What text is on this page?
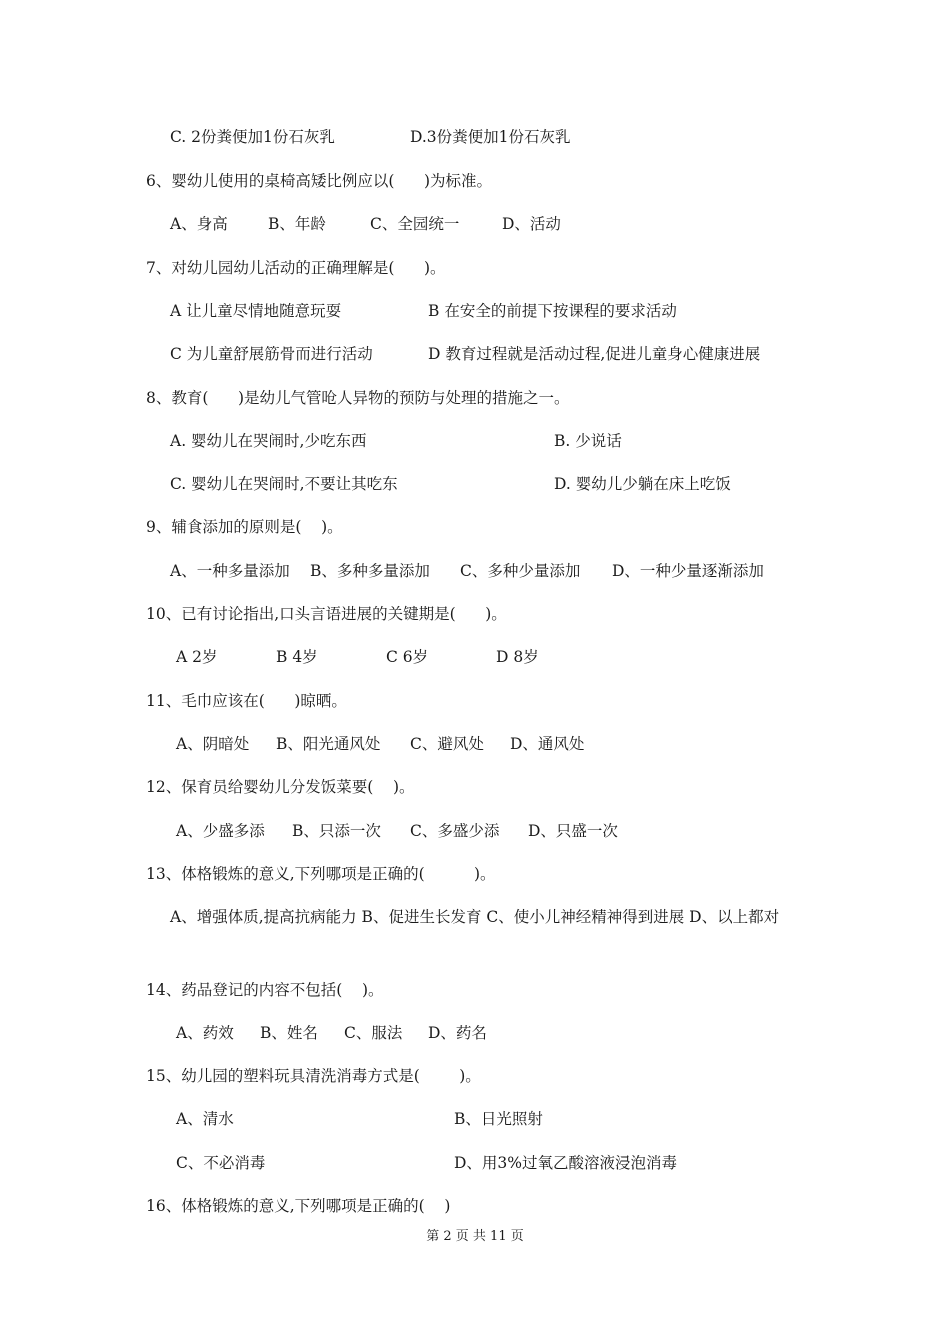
C. 2份粪便加1份石灰乳	D.3份粪便加1份石灰乳
6、婴幼儿使用的桌椅高矮比例应以(      )为标准。
A、身高	B、年龄	C、全园统一	D、活动
7、对幼儿园幼儿活动的正确理解是(      )。
A 让儿童尽情地随意玩耍	B 在安全的前提下按课程的要求活动
C 为儿童舒展筋骨而进行活动	D 教育过程就是活动过程,促进儿童身心健康进展
8、教育(      )是幼儿气管呛人异物的预防与处理的措施之一。
A. 婴幼儿在哭闹时,少吃东西	B. 少说话
C. 婴幼儿在哭闹时,不要让其吃东	D. 婴幼儿少躺在床上吃饭
9、辅食添加的原则是(    )。
A、一种多量添加 B、多种多量添加 C、多种少量添加 D、一种少量逐渐添加
10、已有讨论指出,口头言语进展的关键期是(      )。
A 2岁	B 4岁	C 6岁	D 8岁
11、毛巾应该在(      )晾晒。
A、阴暗处 B、阳光通风处 C、避风处 D、通风处
12、保育员给婴幼儿分发饭菜要(    )。
A、少盛多添 B、只添一次 C、多盛少添 D、只盛一次
13、体格锻炼的意义,下列哪项是正确的(          )。
A、增强体质,提高抗病能力 B、促进生长发育 C、使小儿神经精神得到进展 D、以上都对
14、药品登记的内容不包括(    )。
A、药效 B、姓名 C、服法 D、药名
15、幼儿园的塑料玩具清洗消毒方式是(        )。
A、清水	B、日光照射
C、不必消毒	D、用3%过氧乙酸溶液浸泡消毒
16、体格锻炼的意义,下列哪项是正确的(    )
第 2 页 共 11 页
